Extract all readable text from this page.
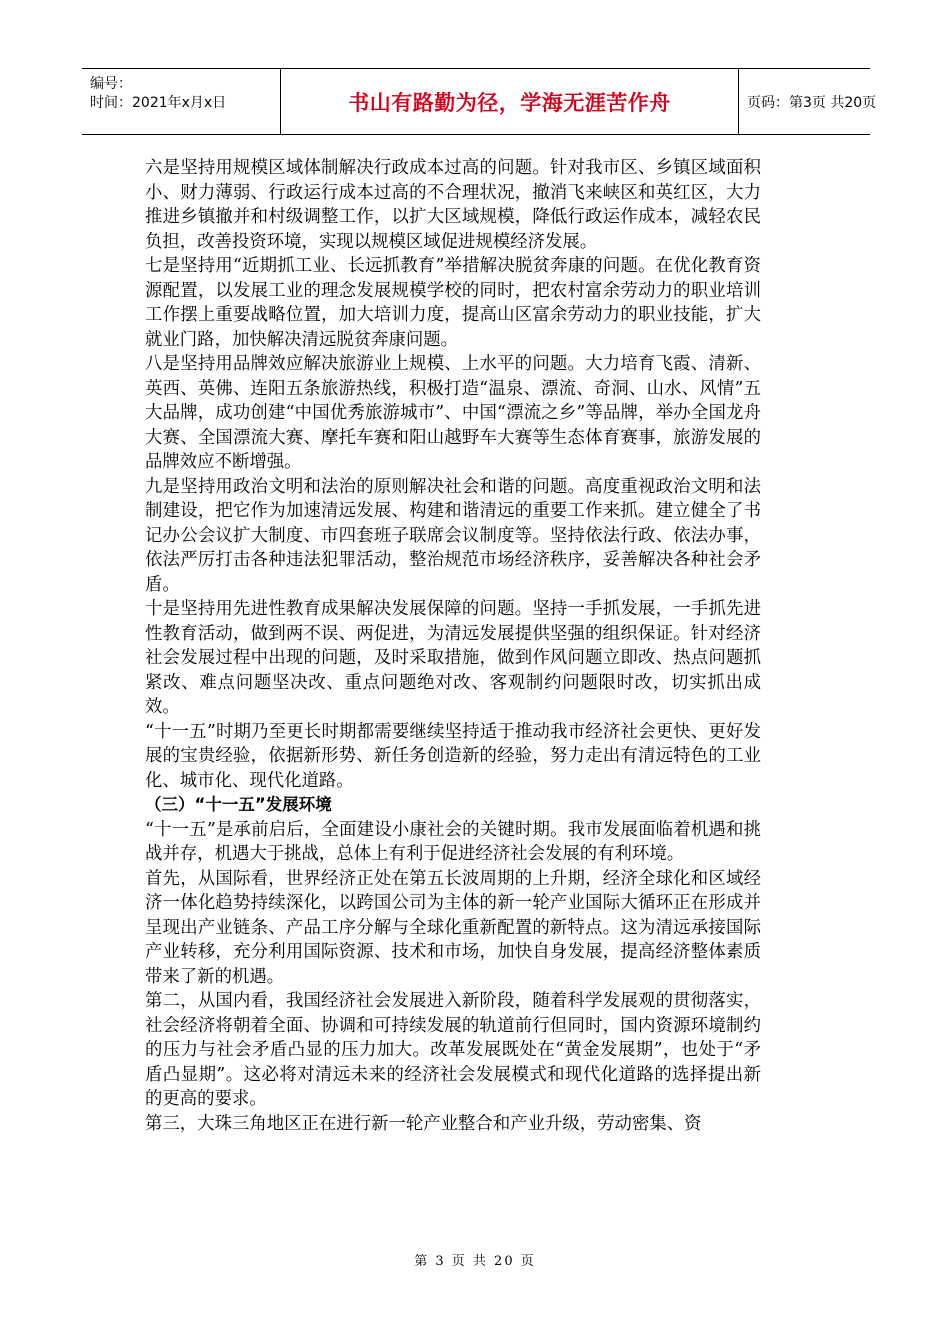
编号：
时间：2021年x月x日	书山有路勤为径，学海无涯苦作舟	页码：第3页 共20页

六是坚持用规模区域体制解决行政成本过高的问题。针对我市区、乡镇区域面积小、财力薄弱、行政运行成本过高的不合理状况，撤消飞来峡区和英红区，大力推进乡镇撤并和村级调整工作，以扩大区域规模，降低行政运作成本，减轻农民负担，改善投资环境，实现以规模区域促进规模经济发展。

七是坚持用“近期抓工业、长远抓教育”举措解决脱贫奔康的问题。在优化教育资源配置，以发展工业的理念发展规模学校的同时，把农村富余劳动力的职业培训工作摆上重要战略位置，加大培训力度，提高山区富余劳动力的职业技能，扩大就业门路，加快解决清远脱贫奔康问题。

八是坚持用品牌效应解决旅游业上规模、上水平的问题。大力培育飞霞、清新、英西、英佛、连阳五条旅游热线，积极打造“温泉、漂流、奇洞、山水、风情”五大品牌，成功创建“中国优秀旅游城市”、中国“漂流之乡”等品牌，举办全国龙舟大赛、全国漂流大赛、摩托车赛和阳山越野车大赛等生态体育赛事，旅游发展的品牌效应不断增强。

九是坚持用政治文明和法治的原则解决社会和谐的问题。高度重视政治文明和法制建设，把它作为加速清远发展、构建和谐清远的重要工作来抓。建立健全了书记办公会议扩大制度、市四套班子联席会议制度等。坚持依法行政、依法办事，依法严厉打击各种违法犯罪活动，整治规范市场经济秩序，妥善解决各种社会矛盾。

十是坚持用先进性教育成果解决发展保障的问题。坚持一手抓发展，一手抓先进性教育活动，做到两不误、两促进，为清远发展提供坚强的组织保证。针对经济社会发展过程中出现的问题，及时采取措施，做到作风问题立即改、热点问题抓紧改、难点问题坚决改、重点问题绝对改、客观制约问题限时改，切实抓出成效。

“十一五”时期乃至更长时期都需要继续坚持适于推动我市经济社会更快、更好发展的宝贵经验，依据新形势、新任务创造新的经验，努力走出有清远特色的工业化、城市化、现代化道路。

（三）“十一五”发展环境

“十一五”是承前启后，全面建设小康社会的关键时期。我市发展面临着机遇和挑战并存，机遇大于挑战，总体上有利于促进经济社会发展的有利环境。

首先，从国际看，世界经济正处在第五长波周期的上升期，经济全球化和区域经济一体化趋势持续深化，以跨国公司为主体的新一轮产业国际大循环正在形成并呈现出产业链条、产品工序分解与全球化重新配置的新特点。这为清远承接国际产业转移，充分利用国际资源、技术和市场，加快自身发展，提高经济整体素质带来了新的机遇。

第二，从国内看，我国经济社会发展进入新阶段，随着科学发展观的贯彻落实，社会经济将朝着全面、协调和可持续发展的轨道前行但同时，国内资源环境制约的压力与社会矛盾凸显的压力加大。改革发展既处在“黄金发展期”，也处于“矛盾凸显期”。这必将对清远未来的经济社会发展模式和现代化道路的选择提出新的更高的要求。

第三，大珠三角地区正在进行新一轮产业整合和产业升级，劳动密集、资

第 3 页 共 20 页
